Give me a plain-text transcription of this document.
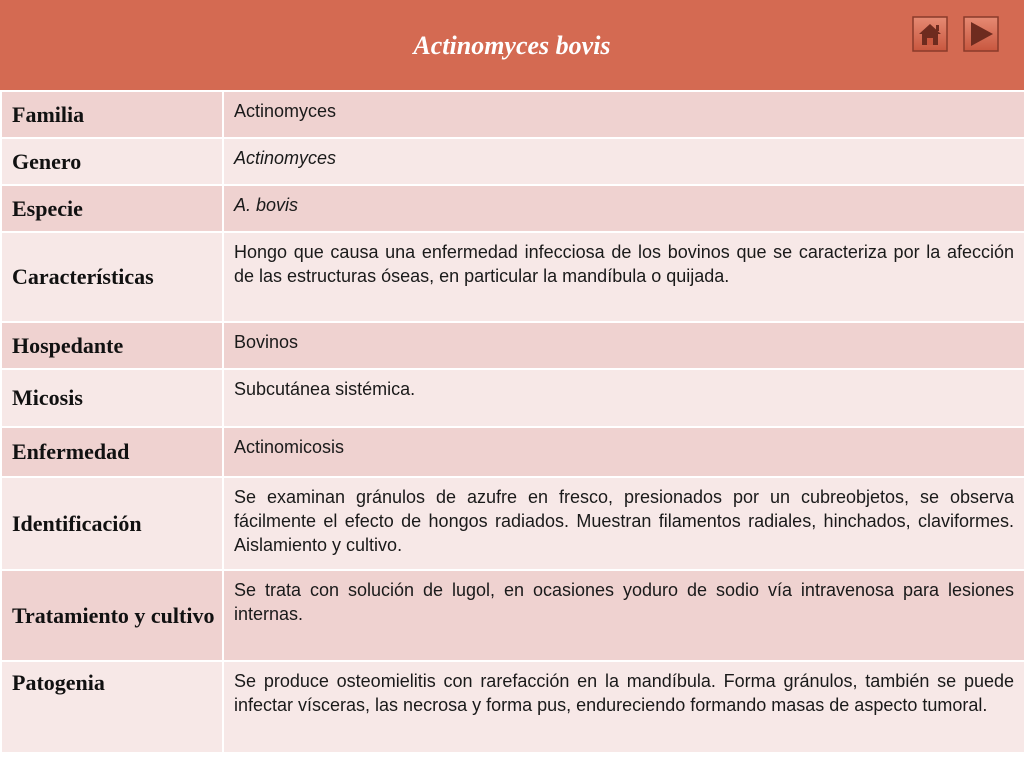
Actinomyces bovis
Familia	Actinomyces
Genero	Actinomyces
Especie	A. bovis
Características	Hongo que causa una enfermedad infecciosa de los bovinos que se caracteriza por la afección de las estructuras óseas, en particular la mandíbula o quijada.
Hospedante	Bovinos
Micosis	Subcutánea sistémica.
Enfermedad	Actinomicosis
Identificación	Se examinan gránulos de azufre en fresco, presionados por un cubreobjetos, se observa fácilmente el efecto de hongos radiados. Muestran filamentos radiales, hinchados, claviformes. Aislamiento y cultivo.
Tratamiento y cultivo	Se trata con solución de lugol, en ocasiones yoduro de sodio vía intravenosa para lesiones internas.
Patogenia	Se produce osteomielitis con rarefacción en la mandíbula. Forma gránulos, también se puede infectar vísceras, las necrosa y forma pus, endureciendo formando masas de aspecto tumoral.
